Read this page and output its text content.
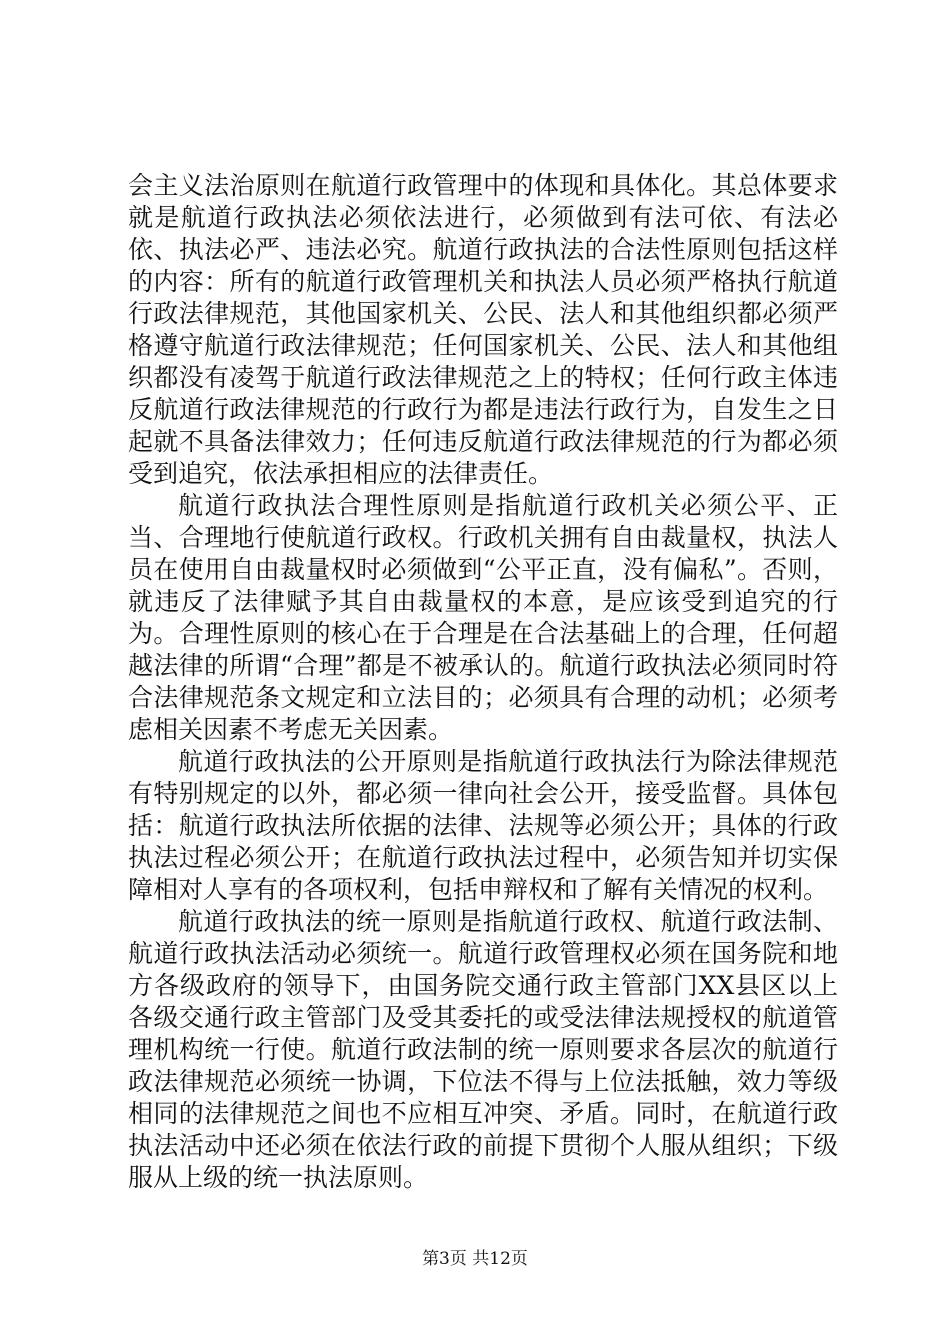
会主义法治原则在航道行政管理中的体现和具体化。其总体要求就是航道行政执法必须依法进行，必须做到有法可依、有法必依、执法必严、违法必究。航道行政执法的合法性原则包括这样的内容：所有的航道行政管理机关和执法人员必须严格执行航道行政法律规范，其他国家机关、公民、法人和其他组织都必须严格遵守航道行政法律规范；任何国家机关、公民、法人和其他组织都没有凌驾于航道行政法律规范之上的特权；任何行政主体违反航道行政法律规范的行政行为都是违法行政行为，自发生之日起就不具备法律效力；任何违反航道行政法律规范的行为都必须受到追究，依法承担相应的法律责任。

航道行政执法合理性原则是指航道行政机关必须公平、正当、合理地行使航道行政权。行政机关拥有自由裁量权，执法人员在使用自由裁量权时必须做到“公平正直，没有偏私”。否则，就违反了法律赋予其自由裁量权的本意，是应该受到追究的行为。合理性原则的核心在于合理是在合法基础上的合理，任何超越法律的所谓“合理”都是不被承认的。航道行政执法必须同时符合法律规范条文规定和立法目的；必须具有合理的动机；必须考虑相关因素不考虑无关因素。

航道行政执法的公开原则是指航道行政执法行为除法律规范有特别规定的以外，都必须一律向社会公开，接受监督。具体包括：航道行政执法所依据的法律、法规等必须公开；具体的行政执法过程必须公开；在航道行政执法过程中，必须告知并切实保障相对人享有的各项权利，包括申辩权和了解有关情况的权利。

航道行政执法的统一原则是指航道行政权、航道行政法制、航道行政执法活动必须统一。航道行政管理权必须在国务院和地方各级政府的领导下，由国务院交通行政主管部门XX县区以上各级交通行政主管部门及受其委托的或受法律法规授权的航道管理机构统一行使。航道行政法制的统一原则要求各层次的航道行政法律规范必须统一协调，下位法不得与上位法抵触，效力等级相同的法律规范之间也不应相互冲突、矛盾。同时，在航道行政执法活动中还必须在依法行政的前提下贯彻个人服从组织；下级服从上级的统一执法原则。

第3页 共12页
